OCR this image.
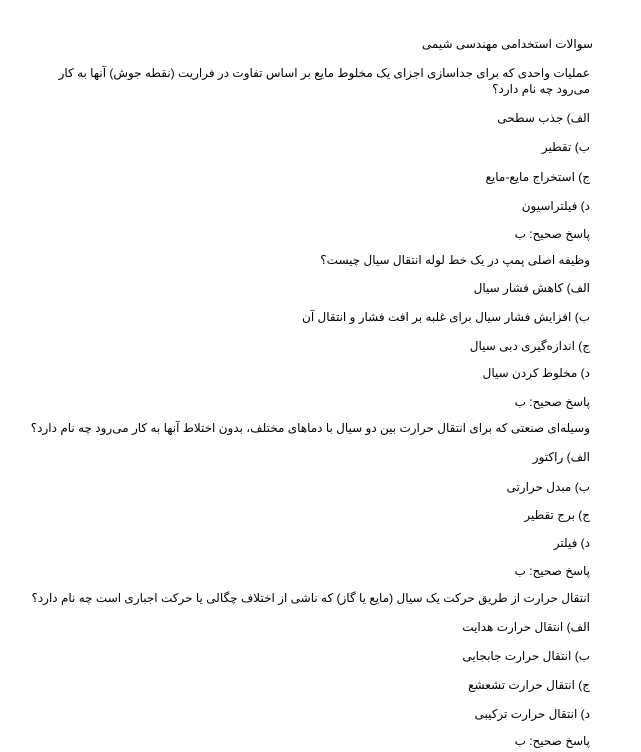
سوالات استخدامی مهندسی شیمی
عملیات واحدی که برای جداسازی اجزای یک مخلوط مایع بر اساس تفاوت در فراریت (نقطه جوش) آنها به کار می‌رود چه نام دارد؟
الف) جذب سطحی
ب) تقطیر
ج) استخراج مایع-مایع
د) فیلتراسیون
پاسخ صحیح: ب
وظیفه اصلی پمپ در یک خط لوله انتقال سیال چیست؟
الف) کاهش فشار سیال
ب) افزایش فشار سیال برای غلبه بر افت فشار و انتقال آن
ج) اندازه‌گیری دبی سیال
د) مخلوط کردن سیال
پاسخ صحیح: ب
وسیله‌ای صنعتی که برای انتقال حرارت بین دو سیال با دماهای مختلف، بدون اختلاط آنها به کار می‌رود چه نام دارد؟
الف) راکتور
ب) مبدل حرارتی
ج) برج تقطیر
د) فیلتر
پاسخ صحیح: ب
انتقال حرارت از طریق حرکت یک سیال (مایع یا گاز) که ناشی از اختلاف چگالی یا حرکت اجباری است چه نام دارد؟
الف) انتقال حرارت هدایت
ب) انتقال حرارت جابجایی
ج) انتقال حرارت تشعشع
د) انتقال حرارت ترکیبی
پاسخ صحیح: ب
